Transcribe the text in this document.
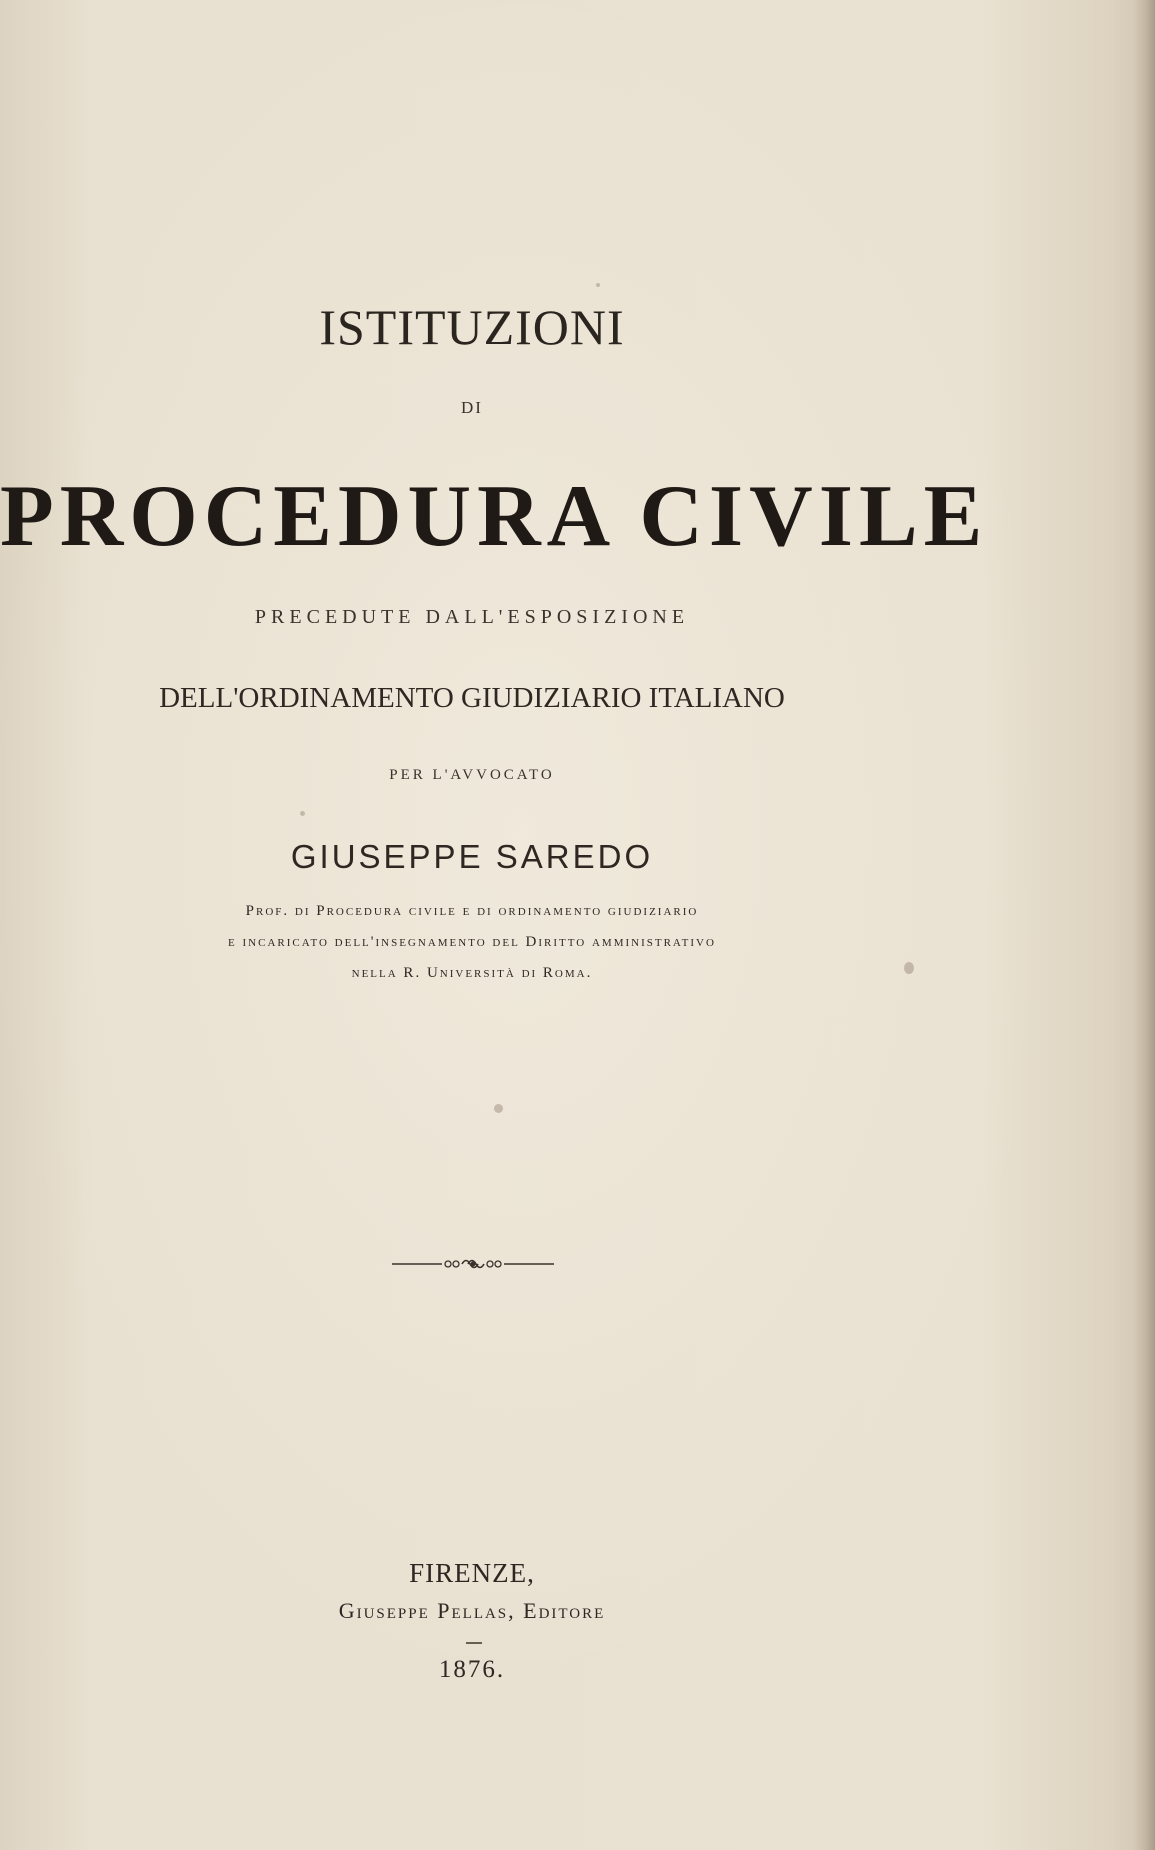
ISTITUZIONI
DI
PROCEDURA CIVILE
PRECEDUTE DALL'ESPOSIZIONE
DELL'ORDINAMENTO GIUDIZIARIO ITALIANO
PER L'AVVOCATO
GIUSEPPE SAREDO
Prof. di Procedura civile e di ordinamento giudiziario
e incaricato dell'insegnamento del Diritto amministrativo
nella R. Università di Roma.
FIRENZE,
Giuseppe Pellas, Editore
1876.
